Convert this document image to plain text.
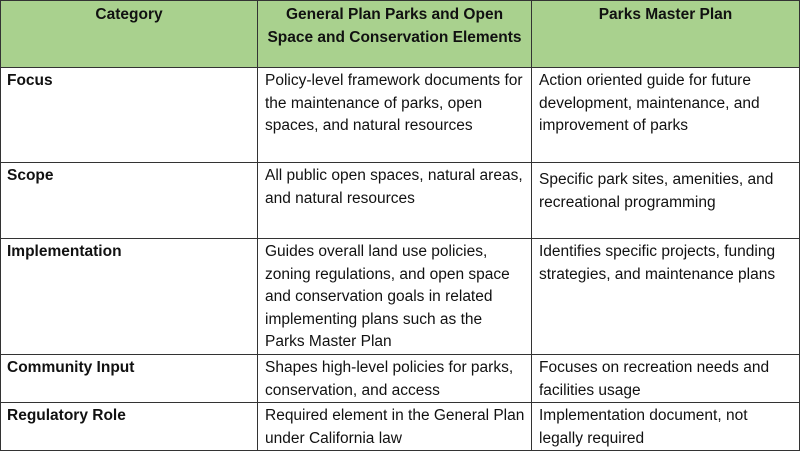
Category	General Plan Parks and Open Space and Conservation Elements	Parks Master Plan
Focus	Policy-level framework documents for the maintenance of parks, open spaces, and natural resources	Action oriented guide for future development, maintenance, and improvement of parks
Scope	All public open spaces, natural areas, and natural resources	Specific park sites, amenities, and recreational programming
Implementation	Guides overall land use policies, zoning regulations, and open space and conservation goals in related implementing plans such as the Parks Master Plan	Identifies specific projects, funding strategies, and maintenance plans
Community Input	Shapes high-level policies for parks, conservation, and access	Focuses on recreation needs and facilities usage
Regulatory Role	Required element in the General Plan under California law	Implementation document, not legally required
